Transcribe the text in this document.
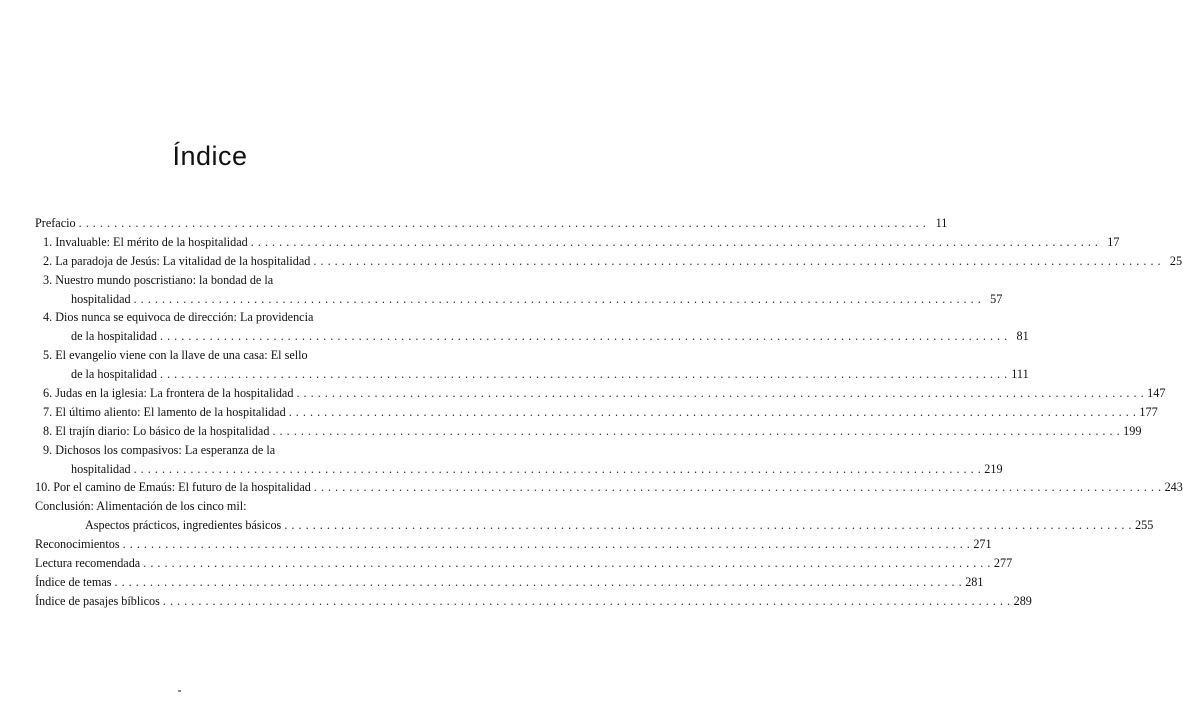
Índice
Prefacio . . . . . . . . . . . . . . . . . . . . . . . . . . . . . . . . . . . . . . . . . . . . . . . . . . . . . . . . . . . . . . . . . . . . . . . . . . . . . . . . . . . . . . . . . . . . . . . . . . . . . . . . . . . . . . . . . . . . . . . . 11
1. Invaluable: El mérito de la hospitalidad . . . . . . . . . . . . . . . . . . . . . . . . . . . . . . . . . . . . . . . . . . . . . . . . . . . . . . . . . . . . . . . . . . . . . . . . . . . . . . . . . . . . . . . . . . . . . . . . . . . . . . . . . . . . . . . . . . . . . . . . 17
2. La paradoja de Jesús: La vitalidad de la hospitalidad . . . . . . . . . . . . . . . . . . . . . . . . . . . . . . . . . . . . . . . . . . . . . . . . . . . . . . . . . . . . . . . . . . . . . . . . . . . . . . . . . . . . . . . . . . . . . . . . . . . . . . . . . . . . . . . . . . . . . . . . 25
3. Nuestro mundo poscristiano: la bondad de la
hospitalidad . . . . . . . . . . . . . . . . . . . . . . . . . . . . . . . . . . . . . . . . . . . . . . . . . . . . . . . . . . . . . . . . . . . . . . . . . . . . . . . . . . . . . . . . . . . . . . . . . . . . . . . . . . . . . . . . . . . . . . . . 57
4. Dios nunca se equivoca de dirección: La providencia
de la hospitalidad . . . . . . . . . . . . . . . . . . . . . . . . . . . . . . . . . . . . . . . . . . . . . . . . . . . . . . . . . . . . . . . . . . . . . . . . . . . . . . . . . . . . . . . . . . . . . . . . . . . . . . . . . . . . . . . . . . . . . . . . 81
5. El evangelio viene con la llave de una casa: El sello
de la hospitalidad . . . . . . . . . . . . . . . . . . . . . . . . . . . . . . . . . . . . . . . . . . . . . . . . . . . . . . . . . . . . . . . . . . . . . . . . . . . . . . . . . . . . . . . . . . . . . . . . . . . . . . . . . . . . . . . . . . . . . . . . 111
6. Judas en la iglesia: La frontera de la hospitalidad . . . . . . . . . . . . . . . . . . . . . . . . . . . . . . . . . . . . . . . . . . . . . . . . . . . . . . . . . . . . . . . . . . . . . . . . . . . . . . . . . . . . . . . . . . . . . . . . . . . . . . . . . . . . . . . . . . . . . . . . 147
7. El último aliento: El lamento de la hospitalidad . . . . . . . . . . . . . . . . . . . . . . . . . . . . . . . . . . . . . . . . . . . . . . . . . . . . . . . . . . . . . . . . . . . . . . . . . . . . . . . . . . . . . . . . . . . . . . . . . . . . . . . . . . . . . . . . . . . . . . . . 177
8. El trajín diario: Lo básico de la hospitalidad . . . . . . . . . . . . . . . . . . . . . . . . . . . . . . . . . . . . . . . . . . . . . . . . . . . . . . . . . . . . . . . . . . . . . . . . . . . . . . . . . . . . . . . . . . . . . . . . . . . . . . . . . . . . . . . . . . . . . . . . 199
9. Dichosos los compasivos: La esperanza de la
hospitalidad . . . . . . . . . . . . . . . . . . . . . . . . . . . . . . . . . . . . . . . . . . . . . . . . . . . . . . . . . . . . . . . . . . . . . . . . . . . . . . . . . . . . . . . . . . . . . . . . . . . . . . . . . . . . . . . . . . . . . . . . 219
10. Por el camino de Emaús: El futuro de la hospitalidad . . . . . . . . . . . . . . . . . . . . . . . . . . . . . . . . . . . . . . . . . . . . . . . . . . . . . . . . . . . . . . . . . . . . . . . . . . . . . . . . . . . . . . . . . . . . . . . . . . . . . . . . . . . . . . . . . . . . . . . . 243
Conclusión: Alimentación de los cinco mil:
Aspectos prácticos, ingredientes básicos . . . . . . . . . . . . . . . . . . . . . . . . . . . . . . . . . . . . . . . . . . . . . . . . . . . . . . . . . . . . . . . . . . . . . . . . . . . . . . . . . . . . . . . . . . . . . . . . . . . . . . . . . . . . . . . . . . . . . . . . 255
Reconocimientos . . . . . . . . . . . . . . . . . . . . . . . . . . . . . . . . . . . . . . . . . . . . . . . . . . . . . . . . . . . . . . . . . . . . . . . . . . . . . . . . . . . . . . . . . . . . . . . . . . . . . . . . . . . . . . . . . . . . . . . . 271
Lectura recomendada . . . . . . . . . . . . . . . . . . . . . . . . . . . . . . . . . . . . . . . . . . . . . . . . . . . . . . . . . . . . . . . . . . . . . . . . . . . . . . . . . . . . . . . . . . . . . . . . . . . . . . . . . . . . . . . . . . . . . . . . 277
Índice de temas . . . . . . . . . . . . . . . . . . . . . . . . . . . . . . . . . . . . . . . . . . . . . . . . . . . . . . . . . . . . . . . . . . . . . . . . . . . . . . . . . . . . . . . . . . . . . . . . . . . . . . . . . . . . . . . . . . . . . . . . 281
Índice de pasajes bíblicos . . . . . . . . . . . . . . . . . . . . . . . . . . . . . . . . . . . . . . . . . . . . . . . . . . . . . . . . . . . . . . . . . . . . . . . . . . . . . . . . . . . . . . . . . . . . . . . . . . . . . . . . . . . . . . . . . . . . . . . . 289
